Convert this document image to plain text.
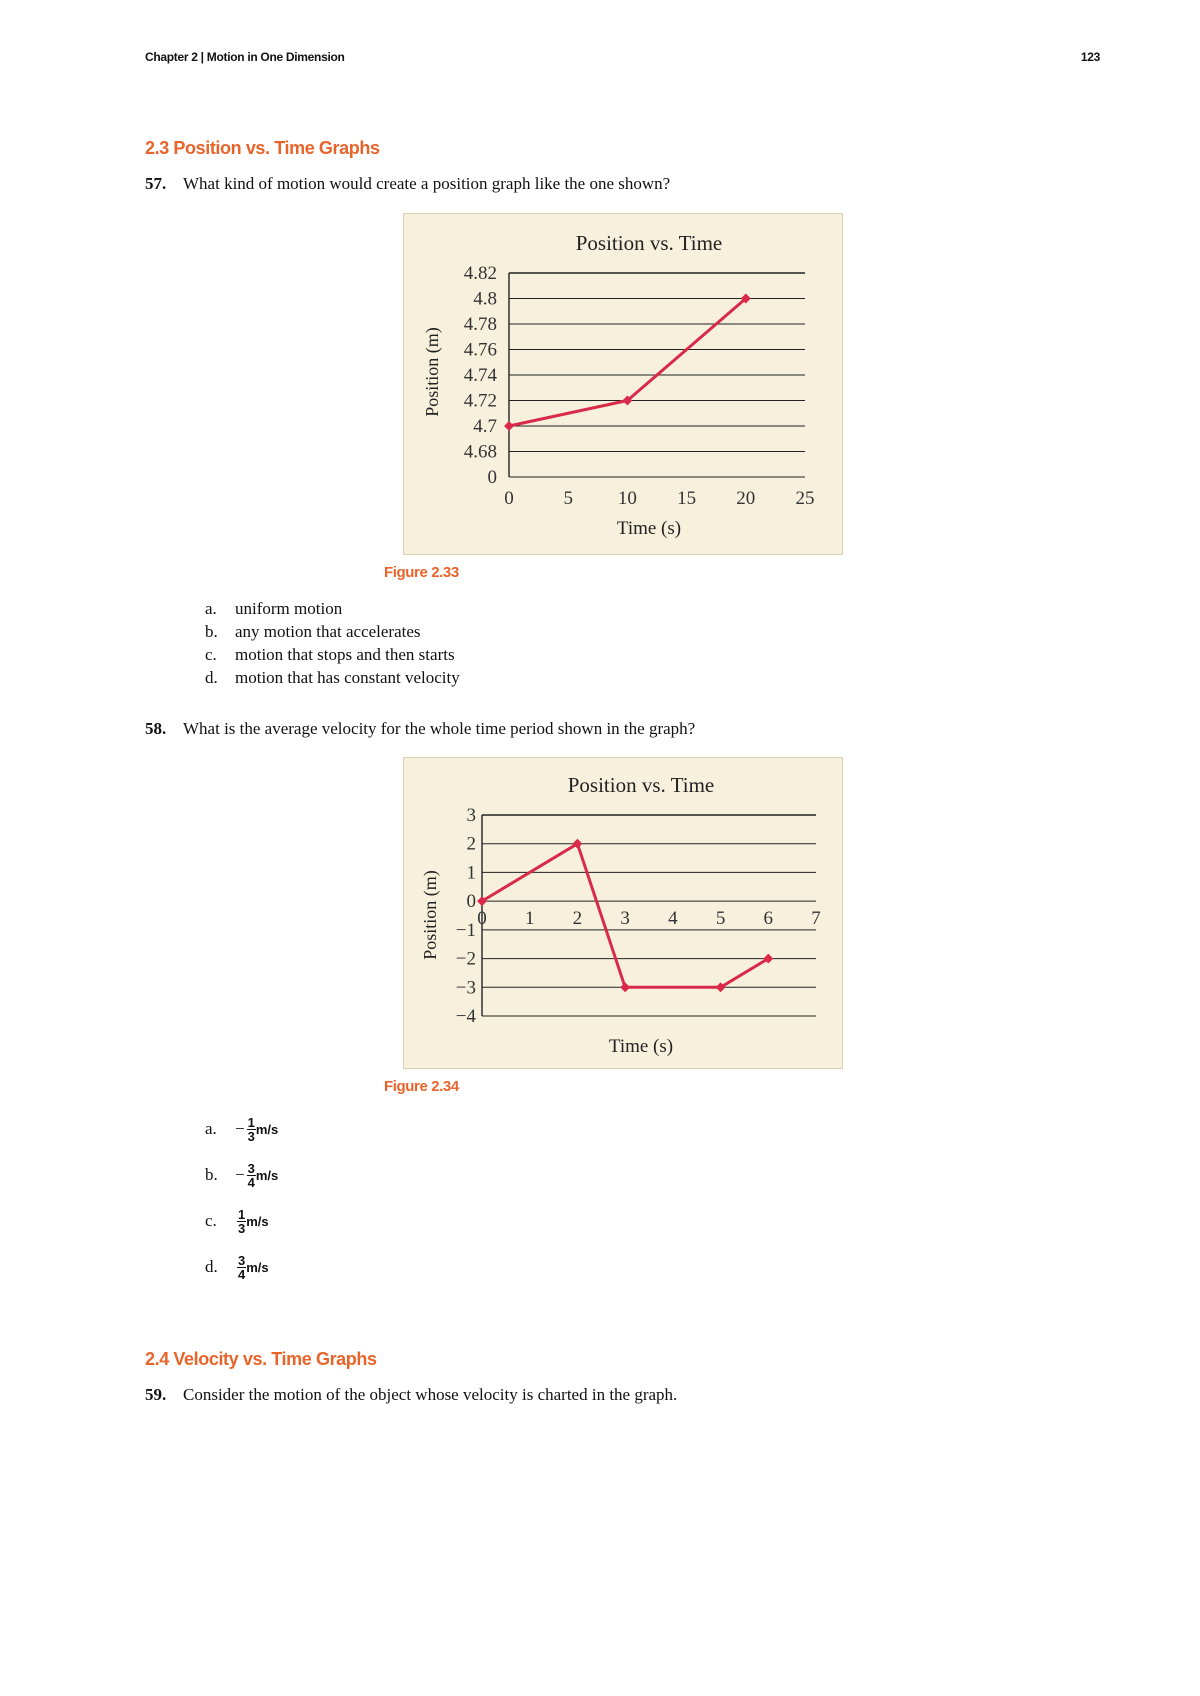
Chapter 2 | Motion in One Dimension	123
2.3 Position vs. Time Graphs
57. What kind of motion would create a position graph like the one shown?
Position vs. Time
Position (m)
0
4.68
4.7
4.72
4.74
4.76
4.78
4.8
4.82
0	5 10 15 20 25
Time (s)
Figure 2.33
a.	uniform motion
b.	any motion that accelerates
c.	motion that stops and then starts
d.	motion that has constant velocity
58. What is the average velocity for the whole time period shown in the graph?
Position vs. Time
Position (m)
−4
−3
−2
−1
0
1
2
3
0 1 2 3 4 5 6 7
Time (s)
Figure 2.34
a.	− $\frac{1}{3} m/s$
b.	− $\frac{3}{4} m/s$
c.	$\frac{1}{3} m/s$
d.	$\frac{3}{4} m/s$
2.4 Velocity vs. Time Graphs
59. Consider the motion of the object whose velocity is charted in the graph.
